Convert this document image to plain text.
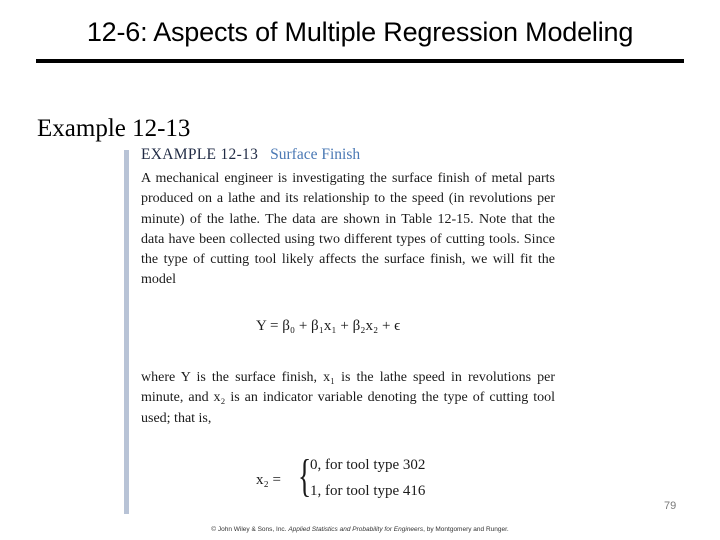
12-6: Aspects of Multiple Regression Modeling
Example 12-13
EXAMPLE 12-13 Surface Finish
A mechanical engineer is investigating the surface finish of metal parts produced on a lathe and its relationship to the speed (in revolutions per minute) of the lathe. The data are shown in Table 12-15. Note that the data have been collected using two different types of cutting tools. Since the type of cutting tool likely affects the surface finish, we will fit the model
Y = β₀ + β₁x₁ + β₂x₂ + ϵ
where Y is the surface finish, x₁ is the lathe speed in revolutions per minute, and x₂ is an indicator variable denoting the type of cutting tool used; that is,
x₂ = {
0, for tool type 302
1, for tool type 416
79
© John Wiley & Sons, Inc. Applied Statistics and Probability for Engineers, by Montgomery and Runger.
